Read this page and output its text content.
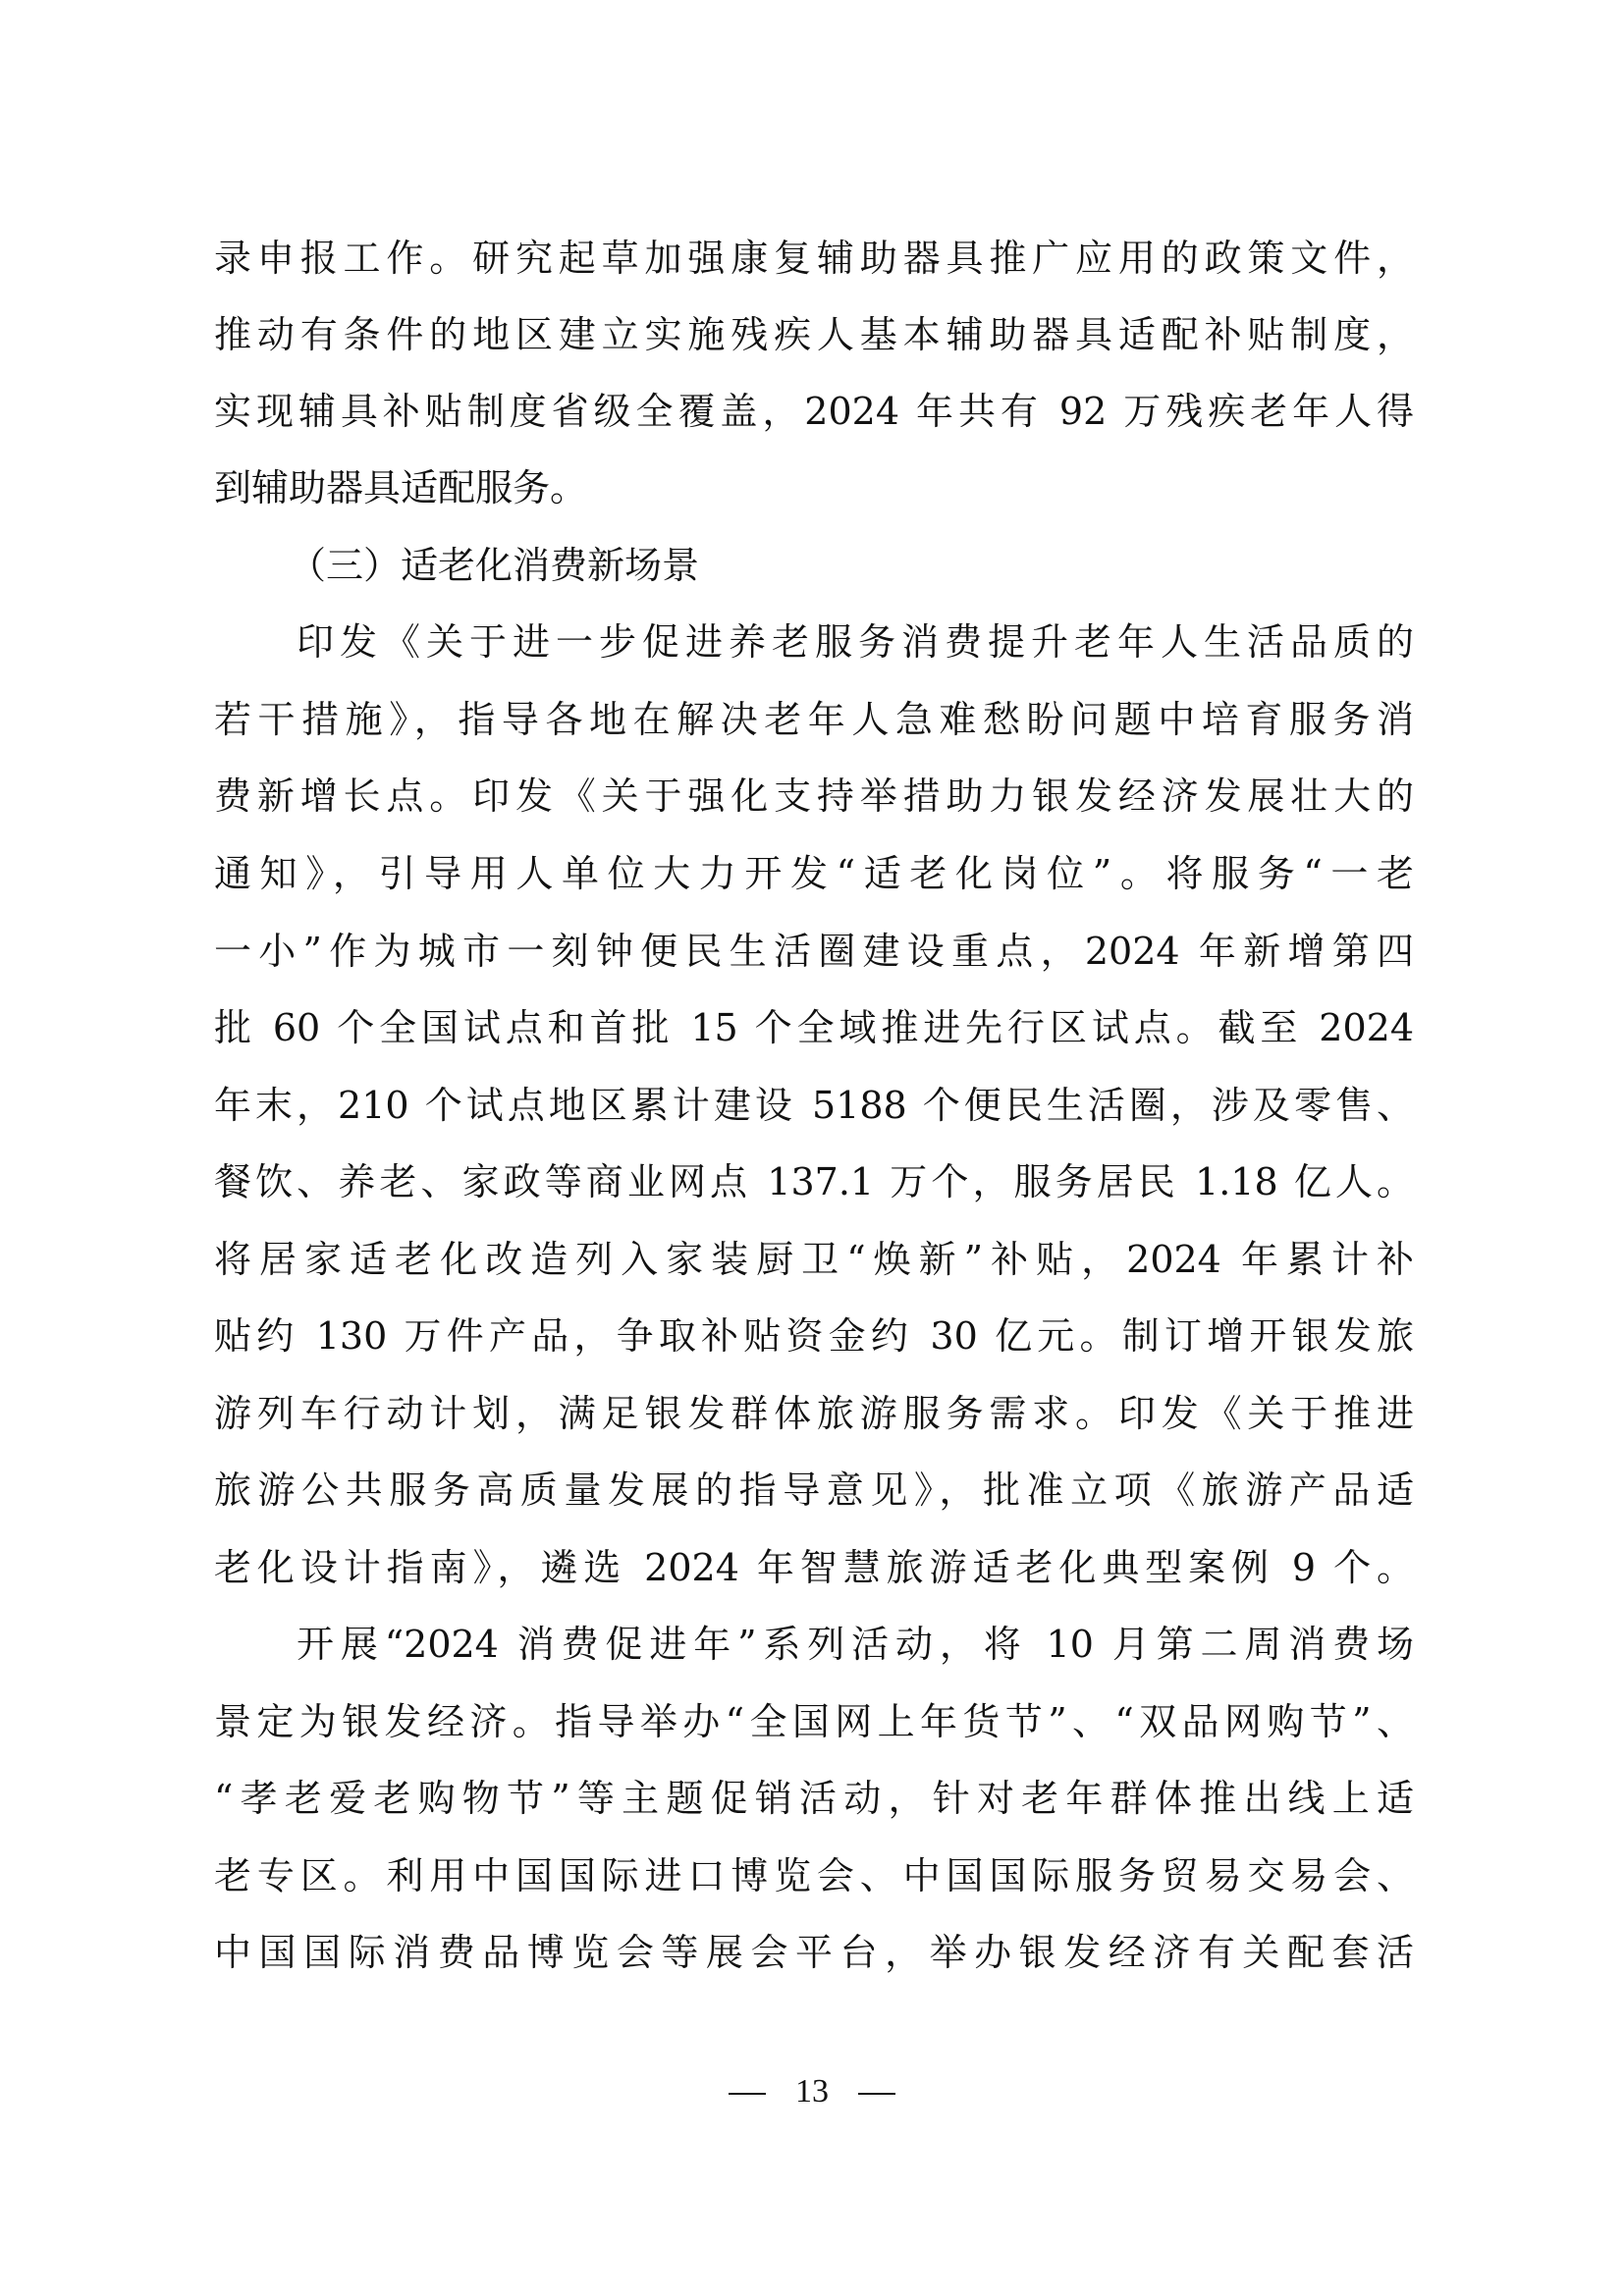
录申报工作。研究起草加强康复辅助器具推广应用的政策文件，
推动有条件的地区建立实施残疾人基本辅助器具适配补贴制度，
实现辅具补贴制度省级全覆盖，2024 年共有 92 万残疾老年人得
到辅助器具适配服务。
（三）适老化消费新场景
印发《关于进一步促进养老服务消费提升老年人生活品质的
若干措施》，指导各地在解决老年人急难愁盼问题中培育服务消
费新增长点。印发《关于强化支持举措助力银发经济发展壮大的
通知》，引导用人单位大力开发“适老化岗位”。将服务“一老
一小”作为城市一刻钟便民生活圈建设重点，2024 年新增第四
批 60 个全国试点和首批 15 个全域推进先行区试点。截至 2024
年末，210 个试点地区累计建设 5188 个便民生活圈，涉及零售、
餐饮、养老、家政等商业网点 137.1 万个，服务居民 1.18 亿人。
将居家适老化改造列入家装厨卫“焕新”补贴，2024 年累计补
贴约 130 万件产品，争取补贴资金约 30 亿元。制订增开银发旅
游列车行动计划，满足银发群体旅游服务需求。印发《关于推进
旅游公共服务高质量发展的指导意见》，批准立项《旅游产品适
老化设计指南》，遴选 2024 年智慧旅游适老化典型案例 9 个。
开展“2024 消费促进年”系列活动，将 10 月第二周消费场
景定为银发经济。指导举办“全国网上年货节”、“双品网购节”、
“孝老爱老购物节”等主题促销活动，针对老年群体推出线上适
老专区。利用中国国际进口博览会、中国国际服务贸易交易会、
中国国际消费品博览会等展会平台，举办银发经济有关配套活
13
